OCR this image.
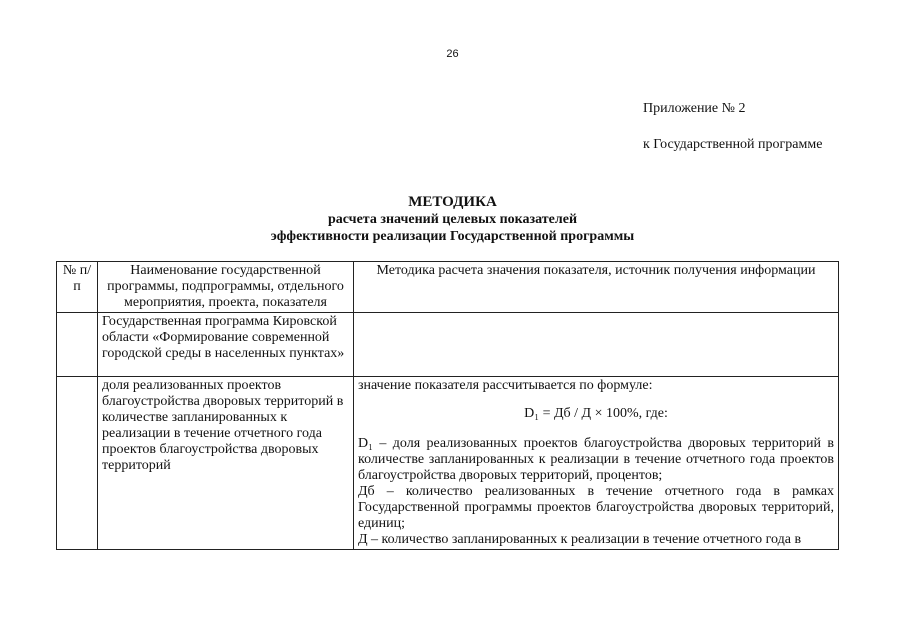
26
Приложение № 2
к Государственной программе
МЕТОДИКА
расчета значений целевых показателей
эффективности реализации Государственной программы
№ п/п	Наименование государственной программы, подпрограммы, отдельного мероприятия, проекта, показателя	Методика расчета значения показателя, источник получения информации
	Государственная программа Кировской области «Формирование современной городской среды в населенных пунктах»	
	доля реализованных проектов благоустройства дворовых территорий в количестве запланированных к реализации в течение отчетного года проектов благоустройства дворовых территорий	значение показателя рассчитывается по формуле:
D₁ = Дб / Д × 100%, где:
D₁ – доля реализованных проектов благоустройства дворовых территорий в количестве запланированных к реализации в течение отчетного года проектов благоустройства дворовых территорий, процентов;
Дб – количество реализованных в течение отчетного года в рамках Государственной программы проектов благоустройства дворовых территорий, единиц;
Д – количество запланированных к реализации в течение отчетного года в
